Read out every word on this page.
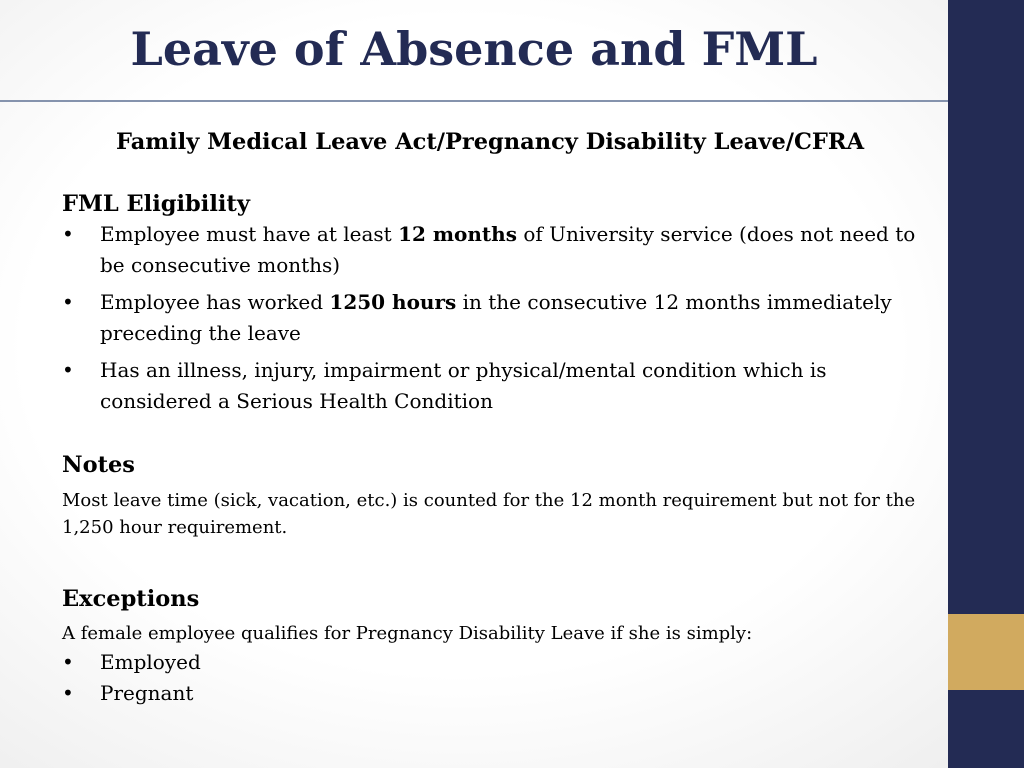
Leave of Absence and FML
Family Medical Leave Act/Pregnancy Disability Leave/CFRA
FML Eligibility
• Employee must have at least 12 months of University service (does not need to be consecutive months)
• Employee has worked 1250 hours in the consecutive 12 months immediately preceding the leave
• Has an illness, injury, impairment or physical/mental condition which is considered a Serious Health Condition
Notes

Most leave time (sick, vacation, etc.) is counted for the 12 month requirement but not for the 1,250 hour requirement.

Exceptions

A female employee qualifies for Pregnancy Disability Leave if she is simply:

• Employed
• Pregnant
